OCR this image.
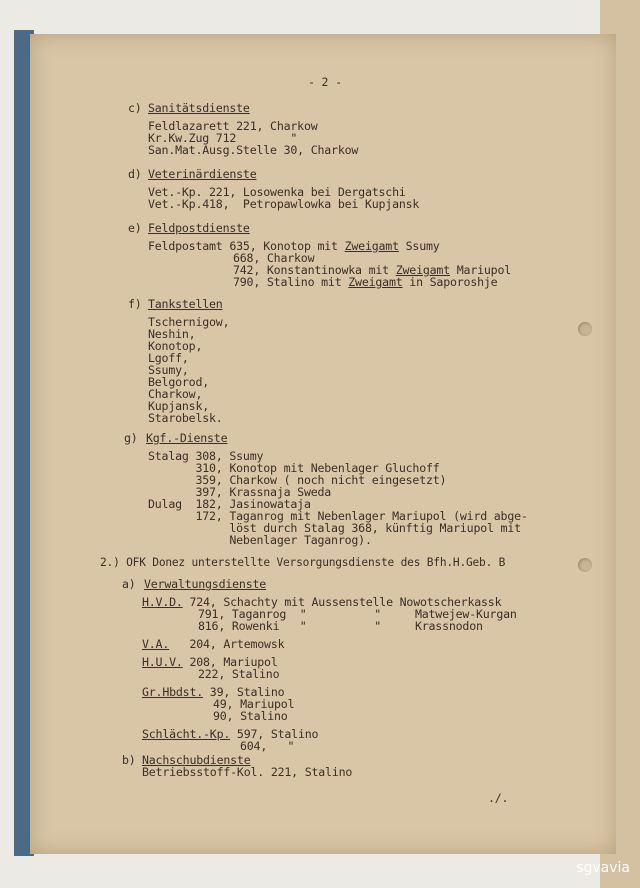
- 2 -
c) Sanitätsdienste
Feldlazarett 221, Charkow
Kr.Kw.Zug 712        "
San.Mat.Ausg.Stelle 30, Charkow
d) Veterinärdienste
Vet.-Kp. 221, Losowenka bei Dergatschi
Vet.-Kp.418,  Petropawlowka bei Kupjansk
e) Feldpostdienste
Feldpostamt 635, Konotop mit Zweigamt Ssumy
668, Charkow
742, Konstantinowka mit Zweigamt Mariupol
790, Stalino mit Zweigamt in Saporoshje
f) Tankstellen
Tschernigow,
Neshin,
Konotop,
Lgoff,
Ssumy,
Belgorod,
Charkow,
Kupjansk,
Starobelsk.
g) Kgf.-Dienste
Stalag 308, Ssumy
310, Konotop mit Nebenlager Gluchoff
359, Charkow ( noch nicht eingesetzt)
397, Krassnaja Sweda
Dulag  182, Jasinowataja
172, Taganrog mit Nebenlager Mariupol (wird abge-
löst durch Stalag 368, künftig Mariupol mit
Nebenlager Taganrog).
2.) OFK Donez unterstellte Versorgungsdienste des Bfh.H.Geb. B
a) Verwaltungsdienste
H.V.D. 724, Schachty mit Aussenstelle Nowotscherkassk
791, Taganrog  "          "     Matwejew-Kurgan
816, Rowenki   "          "     Krassnodon
V.A.   204, Artemowsk
H.U.V. 208, Mariupol
222, Stalino
Gr.Hbdst. 39, Stalino
49, Mariupol
90, Stalino
Schlächt.-Kp. 597, Stalino
604,   "
b) Nachschubdienste
Betriebsstoff-Kol. 221, Stalino
./.
sgvavia
